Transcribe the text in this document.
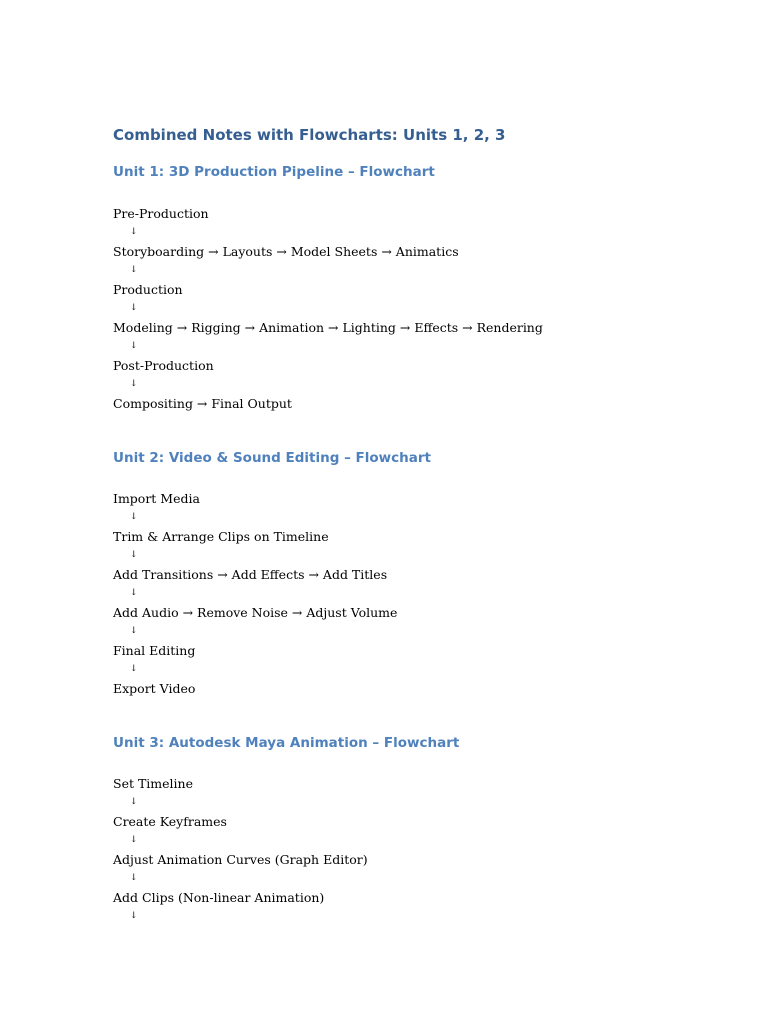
Combined Notes with Flowcharts: Units 1, 2, 3
Unit 1: 3D Production Pipeline – Flowchart
Pre-Production
↓
Storyboarding → Layouts → Model Sheets → Animatics
↓
Production
↓
Modeling → Rigging → Animation → Lighting → Effects → Rendering
↓
Post-Production
↓
Compositing → Final Output
Unit 2: Video & Sound Editing – Flowchart
Import Media
↓
Trim & Arrange Clips on Timeline
↓
Add Transitions → Add Effects → Add Titles
↓
Add Audio → Remove Noise → Adjust Volume
↓
Final Editing
↓
Export Video
Unit 3: Autodesk Maya Animation – Flowchart
Set Timeline
↓
Create Keyframes
↓
Adjust Animation Curves (Graph Editor)
↓
Add Clips (Non-linear Animation)
↓
